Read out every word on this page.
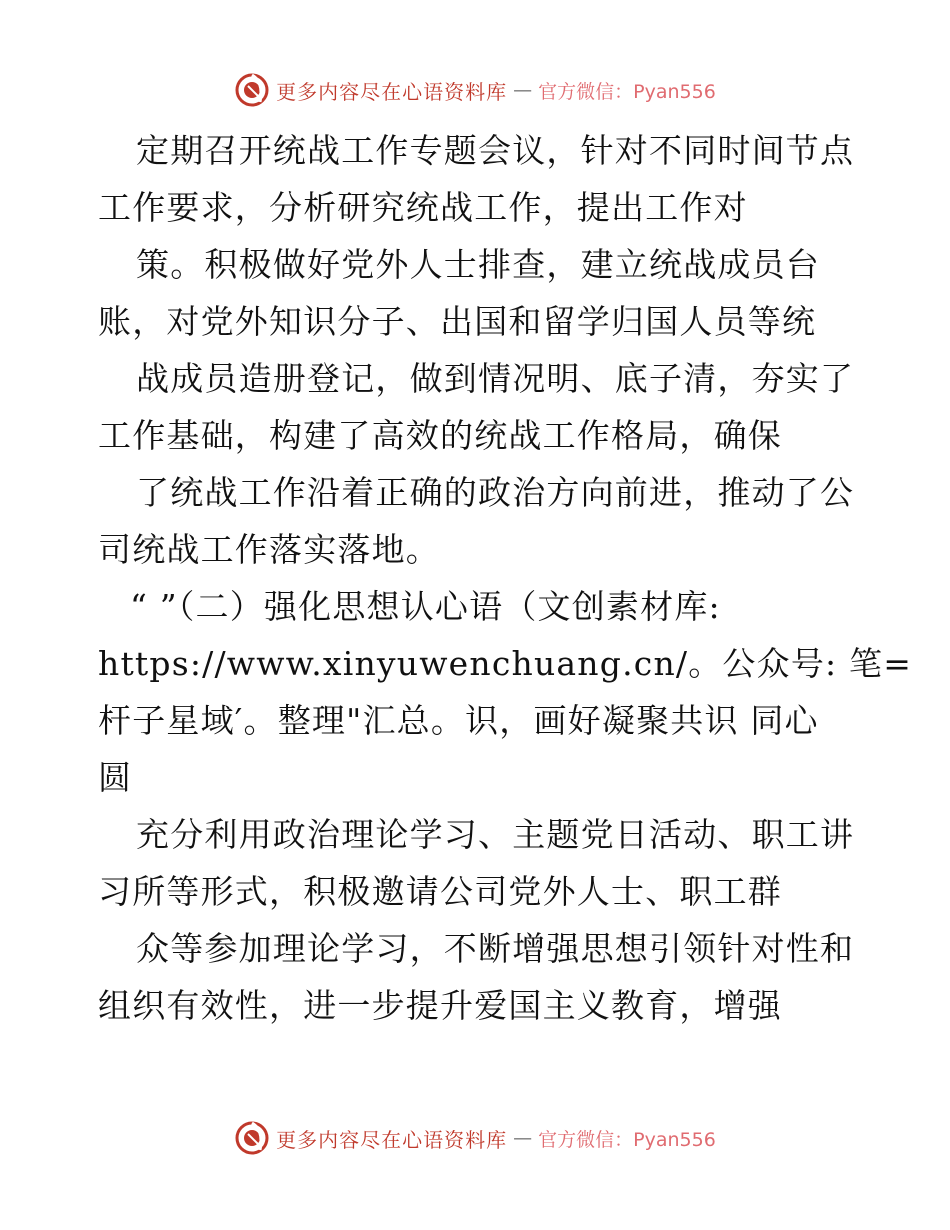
更多内容尽在心语资料库 — 官方微信：Pyan556
定期召开统战工作专题会议，针对不同时间节点
工作要求，分析研究统战工作，提出工作对
策。积极做好党外人士排查，建立统战成员台
账，对党外知识分子、出国和留学归国人员等统
战成员造册登记，做到情况明、底子清，夯实了
工作基础，构建了高效的统战工作格局，确保
了统战工作沿着正确的政治方向前进，推动了公
司统战工作落实落地。
“ ”（二）强化思想认心语（文创素材库:
https://www.xinyuwenchuang.cn/。公众号: 笔=
杆子星域′。整理"汇总。识，画好凝聚共识 同心
圆
充分利用政治理论学习、主题党日活动、职工讲
习所等形式，积极邀请公司党外人士、职工群
众等参加理论学习，不断增强思想引领针对性和
组织有效性，进一步提升爱国主义教育，增强
更多内容尽在心语资料库 — 官方微信：Pyan556
